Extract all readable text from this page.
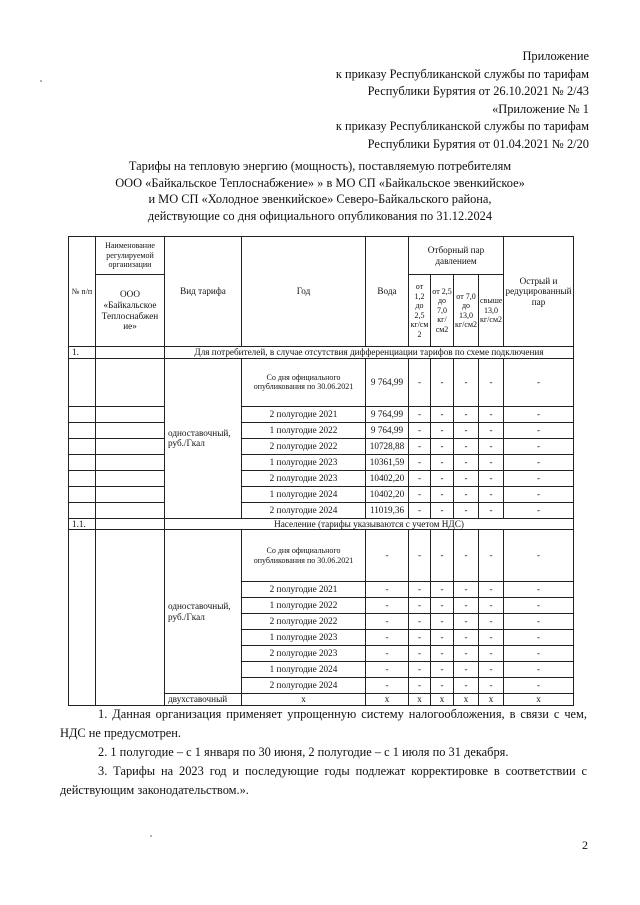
Приложение
к приказу Республиканской службы по тарифам
Республики Бурятия от 26.10.2021 № 2/43
«Приложение № 1
к приказу Республиканской службы по тарифам
Республики Бурятия от 01.04.2021 № 2/20
Тарифы на тепловую энергию (мощность), поставляемую потребителям
ООО «Байкальское Теплоснабжение» » в МО СП «Байкальское эвенкийское»
и МО СП «Холодное эвенкийское» Северо-Байкальского района,
действующие со дня официального опубликования по 31.12.2024
№ п/п	Наименование регулируемой организации	Вид тарифа	Год	Вода	Отборный пар давлением				Острый и редуцированный пар
	ООО «Байкальское Теплоснабжен ие»				от 1,2 до 2,5 кг/см 2	от 2,5 до 7,0 кг/см2	от 7,0 до 13,0 кг/см2	свыше 13,0 кг/см2	
1.		Для потребителей, в случае отсутствия дифференциации тарифов по схеме подключения							
		одноставочный, руб./Гкал	Со дня официального опубликования по 30.06.2021	9 764,99	-	-	-	-	-
			2 полугодие 2021	9 764,99	-	-	-	-	-
			1 полугодие 2022	9 764,99	-	-	-	-	-
			2 полугодие 2022	10728,88	-	-	-	-	-
			1 полугодие 2023	10361,59	-	-	-	-	-
			2 полугодие 2023	10402,20	-	-	-	-	-
			1 полугодие 2024	10402,20	-	-	-	-	-
			2 полугодие 2024	11019,36	-	-	-	-	-
1.1.		Население (тарифы указываются с учетом НДС)							
		одноставочный, руб./Гкал	Со дня официального опубликования по 30.06.2021	-	-	-	-	-	-
			2 полугодие 2021	-	-	-	-	-	-
			1 полугодие 2022	-	-	-	-	-	-
			2 полугодие 2022	-	-	-	-	-	-
			1 полугодие 2023	-	-	-	-	-	-
			2 полугодие 2023	-	-	-	-	-	-
			1 полугодие 2024	-	-	-	-	-	-
			2 полугодие 2024	-	-	-	-	-	-
		двухставочный	x	x	x	x	x	x	x

1. Данная организация применяет упрощенную систему налогообложения, в связи с чем, НДС не предусмотрен.

2. 1 полугодие – с 1 января по 30 июня, 2 полугодие – с 1 июля по 31 декабря.

3. Тарифы на 2023 год и последующие годы подлежат корректировке в соответствии с действующим законодательством.».

2
